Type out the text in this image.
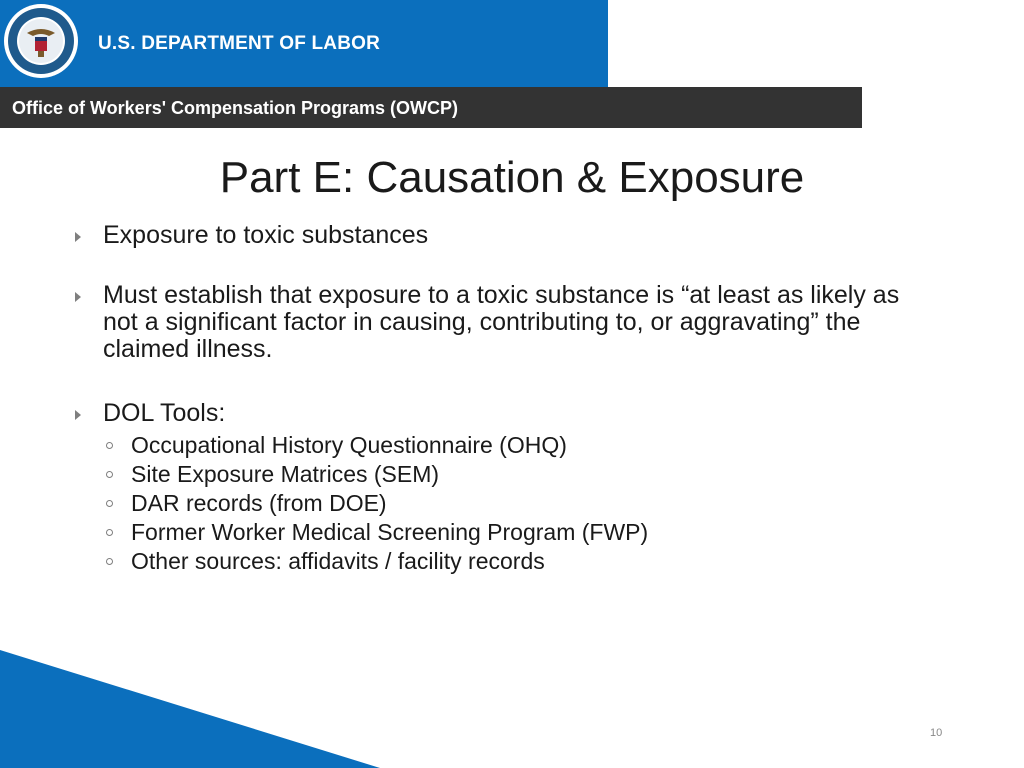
U.S. DEPARTMENT OF LABOR
Office of Workers' Compensation Programs (OWCP)
Part E: Causation & Exposure
Exposure to toxic substances
Must establish that exposure to a toxic substance is “at least as likely as not a significant factor in causing, contributing to, or aggravating” the claimed illness.
DOL Tools:
Occupational History Questionnaire (OHQ)
Site Exposure Matrices (SEM)
DAR records (from DOE)
Former Worker Medical Screening Program (FWP)
Other sources: affidavits / facility records
10
